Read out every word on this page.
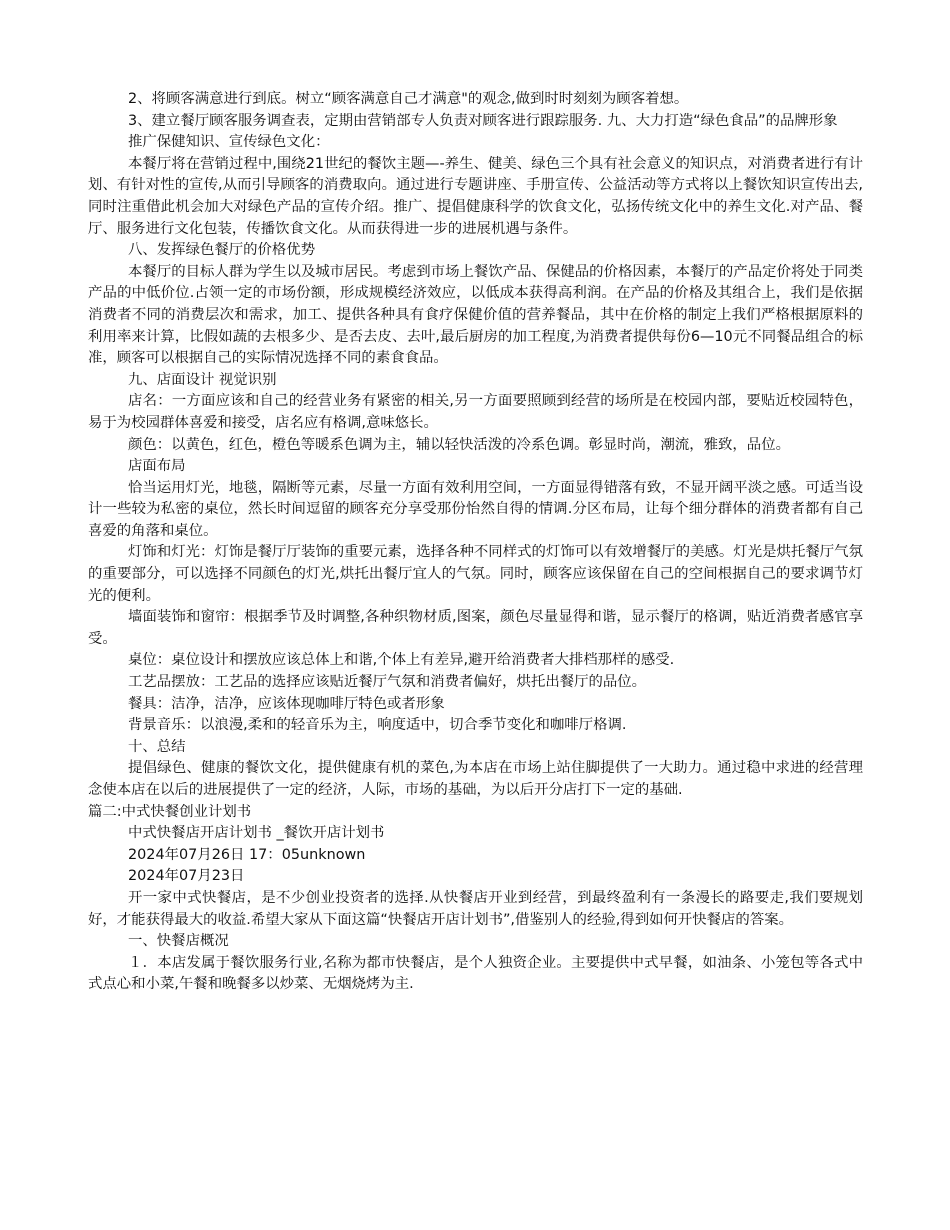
2、将顾客满意进行到底。树立“顾客满意自己才满意"的观念,做到时时刻刻为顾客着想。

3、建立餐厅顾客服务调查表，定期由营销部专人负责对顾客进行跟踪服务. 九、大力打造“绿色食品”的品牌形象

推广保健知识、宣传绿色文化：

本餐厅将在营销过程中,围绕21世纪的餐饮主题—-养生、健美、绿色三个具有社会意义的知识点，对消费者进行有计划、有针对性的宣传,从而引导顾客的消费取向。通过进行专题讲座、手册宣传、公益活动等方式将以上餐饮知识宣传出去,同时注重借此机会加大对绿色产品的宣传介绍。推广、提倡健康科学的饮食文化，弘扬传统文化中的养生文化.对产品、餐厅、服务进行文化包装，传播饮食文化。从而获得进一步的进展机遇与条件。

八、发挥绿色餐厅的价格优势

本餐厅的目标人群为学生以及城市居民。考虑到市场上餐饮产品、保健品的价格因素，本餐厅的产品定价将处于同类产品的中低价位.占领一定的市场份额，形成规模经济效应，以低成本获得高利润。在产品的价格及其组合上，我们是依据消费者不同的消费层次和需求，加工、提供各种具有食疗保健价值的营养餐品，其中在价格的制定上我们严格根据原料的利用率来计算，比假如蔬的去根多少、是否去皮、去叶,最后厨房的加工程度,为消费者提供每份6—10元不同餐品组合的标准，顾客可以根据自己的实际情况选择不同的素食食品。

九、店面设计 视觉识别

店名：一方面应该和自己的经营业务有紧密的相关,另一方面要照顾到经营的场所是在校园内部，要贴近校园特色，易于为校园群体喜爱和接受，店名应有格调,意味悠长。

颜色：以黄色，红色，橙色等暖系色调为主，辅以轻快活泼的冷系色调。彰显时尚，潮流，雅致，品位。

店面布局

恰当运用灯光，地毯，隔断等元素，尽量一方面有效利用空间，一方面显得错落有致，不显开阔平淡之感。可适当设计一些较为私密的桌位，然长时间逗留的顾客充分享受那份怡然自得的情调.分区布局，让每个细分群体的消费者都有自己喜爱的角落和桌位。

灯饰和灯光：灯饰是餐厅厅装饰的重要元素，选择各种不同样式的灯饰可以有效增餐厅的美感。灯光是烘托餐厅气氛的重要部分，可以选择不同颜色的灯光,烘托出餐厅宜人的气氛。同时，顾客应该保留在自己的空间根据自己的要求调节灯光的便利。

墙面装饰和窗帘：根据季节及时调整,各种织物材质,图案，颜色尽量显得和谐，显示餐厅的格调，贴近消费者感官享受。

桌位：桌位设计和摆放应该总体上和谐,个体上有差异,避开给消费者大排档那样的感受.

工艺品摆放：工艺品的选择应该贴近餐厅气氛和消费者偏好，烘托出餐厅的品位。

餐具：洁净，洁净，应该体现咖啡厅特色或者形象

背景音乐：以浪漫,柔和的轻音乐为主，响度适中，切合季节变化和咖啡厅格调.

十、总结

提倡绿色、健康的餐饮文化，提供健康有机的菜色,为本店在市场上站住脚提供了一大助力。通过稳中求进的经营理念使本店在以后的进展提供了一定的经济，人际，市场的基础，为以后开分店打下一定的基础.

篇二:中式快餐创业计划书

中式快餐店开店计划书 _餐饮开店计划书

2024年07月26日 17：05unknown

2024年07月23日

开一家中式快餐店，是不少创业投资者的选择.从快餐店开业到经营，到最终盈利有一条漫长的路要走,我们要规划好，才能获得最大的收益.希望大家从下面这篇“快餐店开店计划书”,借鉴别人的经验,得到如何开快餐店的答案。

一、快餐店概况

１．本店发属于餐饮服务行业,名称为都市快餐店，是个人独资企业。主要提供中式早餐，如油条、小笼包等各式中式点心和小菜,午餐和晚餐多以炒菜、无烟烧烤为主.
